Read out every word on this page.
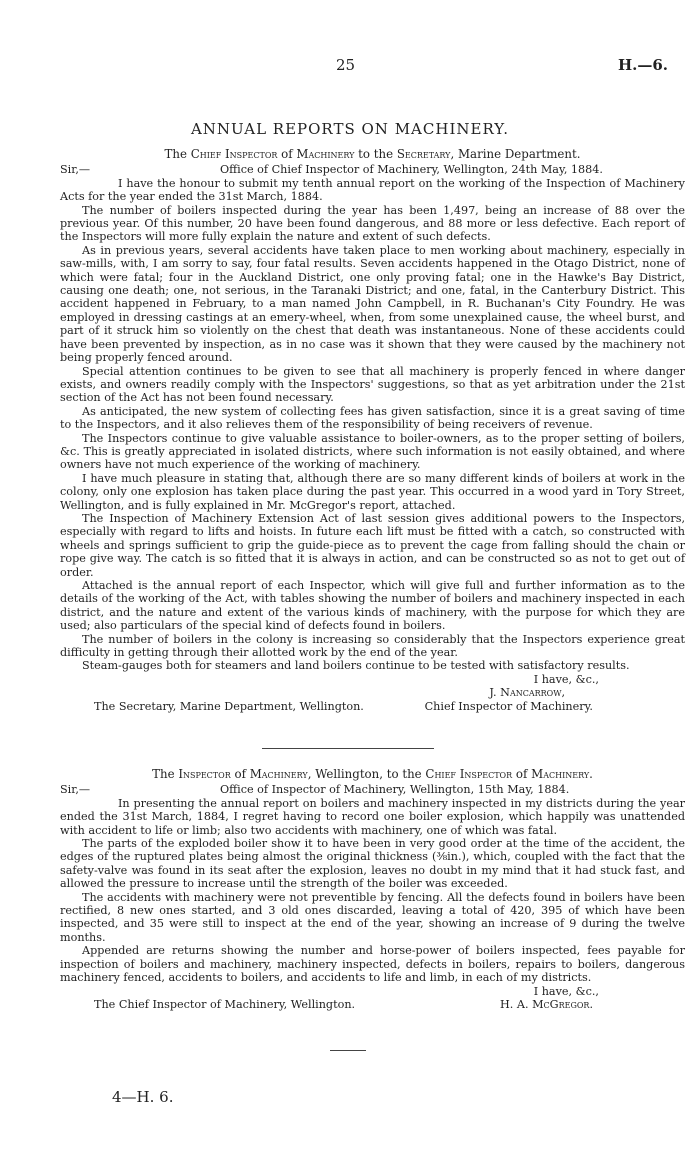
25	H.—6.
ANNUAL REPORTS ON MACHINERY.
The Chief Inspector of Machinery to the Secretary, Marine Department.
Sir,—	Office of Chief Inspector of Machinery, Wellington, 24th May, 1884.

I have the honour to submit my tenth annual report on the working of the Inspection of Machinery Acts for the year ended the 31st March, 1884.

The number of boilers inspected during the year has been 1,497, being an increase of 88 over the previous year. Of this number, 20 have been found dangerous, and 88 more or less defective. Each report of the Inspectors will more fully explain the nature and extent of such defects.

As in previous years, several accidents have taken place to men working about machinery, especially in saw-mills, with, I am sorry to say, four fatal results. Seven accidents happened in the Otago District, none of which were fatal; four in the Auckland District, one only proving fatal; one in the Hawke's Bay District, causing one death; one, not serious, in the Taranaki District; and one, fatal, in the Canterbury District. This accident happened in February, to a man named John Campbell, in R. Buchanan's City Foundry. He was employed in dressing castings at an emery-wheel, when, from some unexplained cause, the wheel burst, and part of it struck him so violently on the chest that death was instantaneous. None of these accidents could have been prevented by inspection, as in no case was it shown that they were caused by the machinery not being properly fenced around.

Special attention continues to be given to see that all machinery is properly fenced in where danger exists, and owners readily comply with the Inspectors' suggestions, so that as yet arbitration under the 21st section of the Act has not been found necessary.

As anticipated, the new system of collecting fees has given satisfaction, since it is a great saving of time to the Inspectors, and it also relieves them of the responsibility of being receivers of revenue.

The Inspectors continue to give valuable assistance to boiler-owners, as to the proper setting of boilers, &c. This is greatly appreciated in isolated districts, where such information is not easily obtained, and where owners have not much experience of the working of machinery.

I have much pleasure in stating that, although there are so many different kinds of boilers at work in the colony, only one explosion has taken place during the past year. This occurred in a wood yard in Tory Street, Wellington, and is fully explained in Mr. McGregor's report, attached.

The Inspection of Machinery Extension Act of last session gives additional powers to the Inspectors, especially with regard to lifts and hoists. In future each lift must be fitted with a catch, so constructed with wheels and springs sufficient to grip the guide-piece as to prevent the cage from falling should the chain or rope give way. The catch is so fitted that it is always in action, and can be constructed so as not to get out of order.

Attached is the annual report of each Inspector, which will give full and further information as to the details of the working of the Act, with tables showing the number of boilers and machinery inspected in each district, and the nature and extent of the various kinds of machinery, with the purpose for which they are used; also particulars of the special kind of defects found in boilers.

The number of boilers in the colony is increasing so considerably that the Inspectors experience great difficulty in getting through their allotted work by the end of the year.

Steam-gauges both for steamers and land boilers continue to be tested with satisfactory results.

I have, &c.,
J. Nancarrow,
The Secretary, Marine Department, Wellington.	Chief Inspector of Machinery.
The Inspector of Machinery, Wellington, to the Chief Inspector of Machinery.
Sir,—	Office of Inspector of Machinery, Wellington, 15th May, 1884.

In presenting the annual report on boilers and machinery inspected in my districts during the year ended the 31st March, 1884, I regret having to record one boiler explosion, which happily was unattended with accident to life or limb; also two accidents with machinery, one of which was fatal.

The parts of the exploded boiler show it to have been in very good order at the time of the accident, the edges of the ruptured plates being almost the original thickness (⅜in.), which, coupled with the fact that the safety-valve was found in its seat after the explosion, leaves no doubt in my mind that it had stuck fast, and allowed the pressure to increase until the strength of the boiler was exceeded.

The accidents with machinery were not preventible by fencing. All the defects found in boilers have been rectified, 8 new ones started, and 3 old ones discarded, leaving a total of 420, 395 of which have been inspected, and 35 were still to inspect at the end of the year, showing an increase of 9 during the twelve months.

Appended are returns showing the number and horse-power of boilers inspected, fees payable for inspection of boilers and machinery, machinery inspected, defects in boilers, repairs to boilers, dangerous machinery fenced, accidents to boilers, and accidents to life and limb, in each of my districts.

I have, &c.,
The Chief Inspector of Machinery, Wellington.	H. A. McGregor.
4—H. 6.
